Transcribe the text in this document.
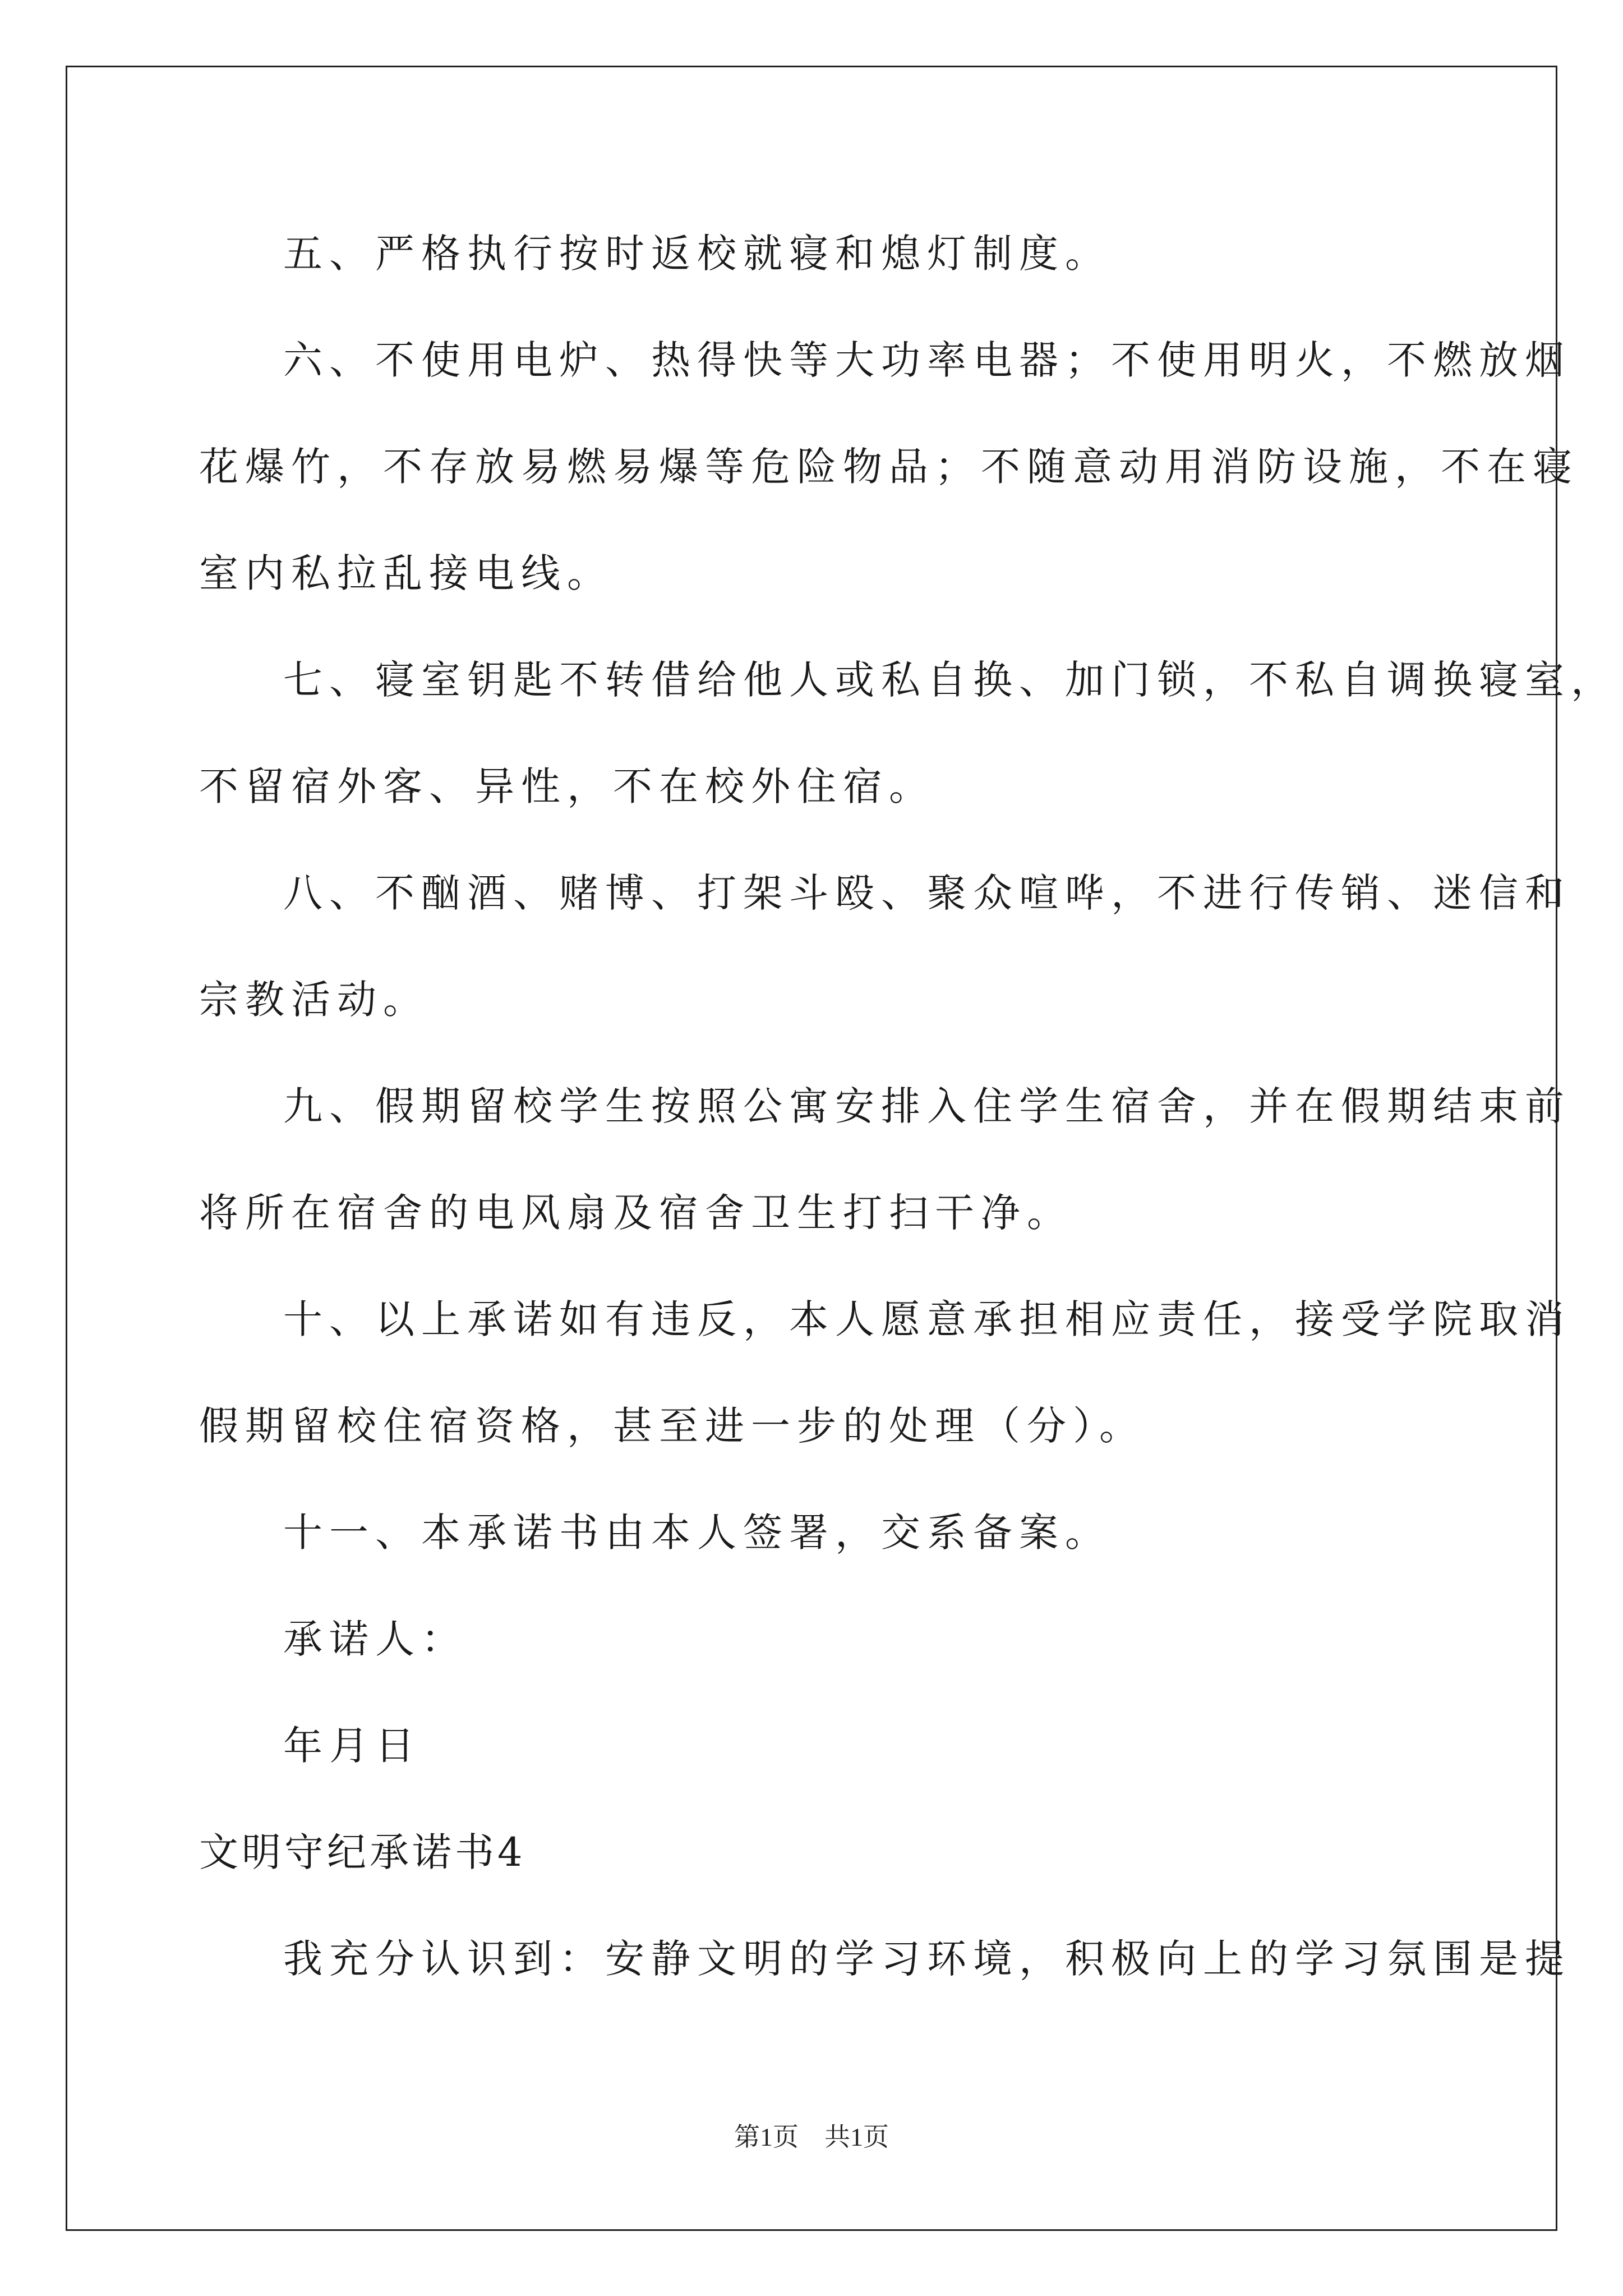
五、严格执行按时返校就寝和熄灯制度。
六、不使用电炉、热得快等大功率电器；不使用明火，不燃放烟
花爆竹，不存放易燃易爆等危险物品；不随意动用消防设施，不在寝
室内私拉乱接电线。
七、寝室钥匙不转借给他人或私自换、加门锁，不私自调换寝室，
不留宿外客、异性，不在校外住宿。
八、不酗酒、赌博、打架斗殴、聚众喧哗，不进行传销、迷信和
宗教活动。
九、假期留校学生按照公寓安排入住学生宿舍，并在假期结束前
将所在宿舍的电风扇及宿舍卫生打扫干净。
十、以上承诺如有违反，本人愿意承担相应责任，接受学院取消
假期留校住宿资格，甚至进一步的处理（分）。
十一、本承诺书由本人签署，交系备案。
承诺人：
年月日
文明守纪承诺书4
我充分认识到：安静文明的学习环境，积极向上的学习氛围是提
第1页　共1页
